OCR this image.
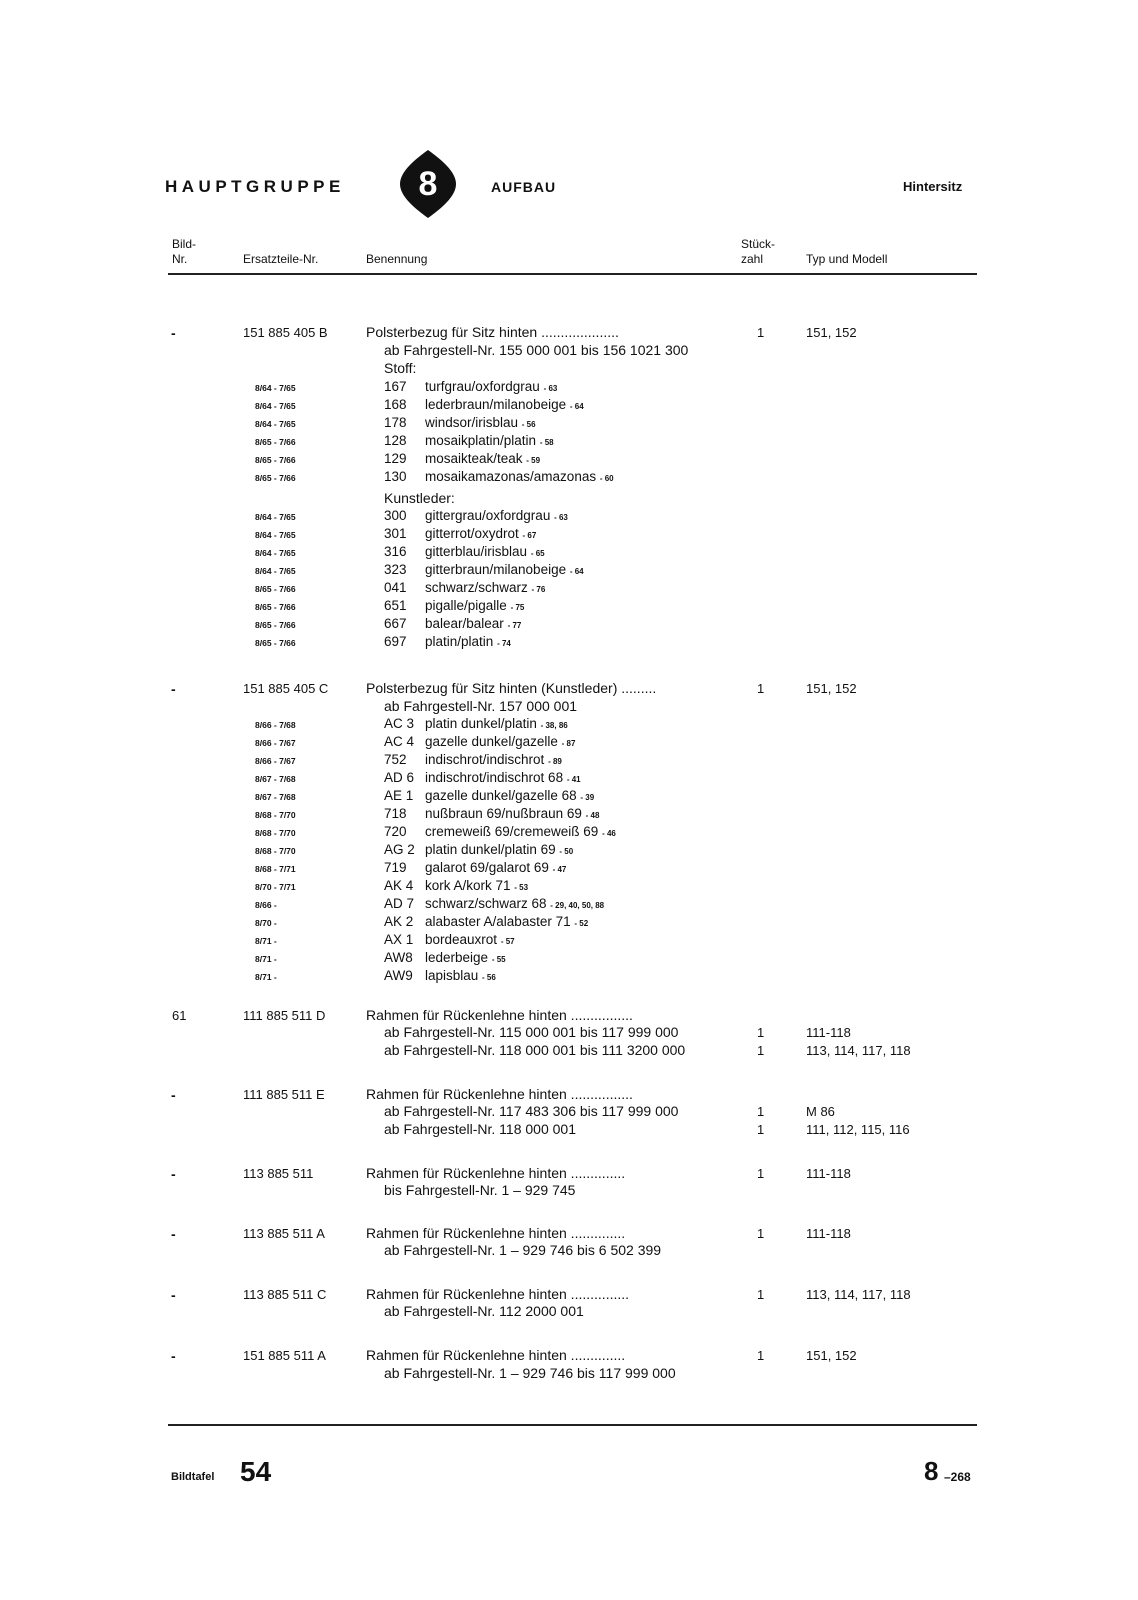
HAUPTGRUPPE 8	AUFBAU	Hintersitz
Bild-
Nr.	Ersatzteile-Nr.	Benennung
Stück-
zahl	Typ und Modell
-	151 885 405 B	Polsterbezug für Sitz hinten ....................	1	151, 152
ab Fahrgestell-Nr. 155 000 001 bis 156 1021 300
Stoff:
Kunstleder:
8/64 - 7/65	167 turfgrau/oxfordgrau - 63
8/64 - 7/65	168 lederbraun/milanobeige - 64
8/64 - 7/65	178 windsor/irisblau - 56
8/65 - 7/66	128 mosaikplatin/platin - 58
8/65 - 7/66	129 mosaikteak/teak - 59
8/65 - 7/66	130 mosaikamazonas/amazonas - 60
8/64 - 7/65	300 gittergrau/oxfordgrau - 63
8/64 - 7/65	301 gitterrot/oxydrot - 67
8/64 - 7/65	316 gitterblau/irisblau - 65
8/64 - 7/65	323 gitterbraun/milanobeige - 64
8/65 - 7/66	041 schwarz/schwarz - 76
8/65 - 7/66	651 pigalle/pigalle - 75
8/65 - 7/66	667 balear/balear - 77
8/65 - 7/66	697 platin/platin - 74
-	151 885 405 C	Polsterbezug für Sitz hinten (Kunstleder) .........	1	151, 152
ab Fahrgestell-Nr. 157 000 001
8/66 - 7/68	AC 3 platin dunkel/platin - 38, 86
8/66 - 7/67	AC 4 gazelle dunkel/gazelle - 87
8/66 - 7/67	752 indischrot/indischrot - 89
8/67 - 7/68	AD 6 indischrot/indischrot 68 - 41
8/67 - 7/68	AE 1 gazelle dunkel/gazelle 68 - 39
8/68 - 7/70	718 nußbraun 69/nußbraun 69 - 48
8/68 - 7/70	720 cremeweiß 69/cremeweiß 69 - 46
8/68 - 7/70	AG 2 platin dunkel/platin 69 - 50
8/68 - 7/71	719 galarot 69/galarot 69 - 47
8/70 - 7/71	AK 4 kork A/kork 71 - 53
8/66 -	AD 7 schwarz/schwarz 68 - 29, 40, 50, 88
8/70 -	AK 2 alabaster A/alabaster 71 - 52
8/71 -	AX 1 bordeauxrot - 57
8/71 -	AW8 lederbeige - 55
8/71 -	AW9 lapisblau - 56
61	111 885 511 D	Rahmen für Rückenlehne hinten ................
ab Fahrgestell-Nr. 115 000 001 bis 117 999 000	1	111-118
ab Fahrgestell-Nr. 118 000 001 bis 111 3200 000	1	113, 114, 117, 118
-	111 885 511 E	Rahmen für Rückenlehne hinten ................
ab Fahrgestell-Nr. 117 483 306 bis 117 999 000	1	M 86
ab Fahrgestell-Nr. 118 000 001	1	111, 112, 115, 116
-	113 885 511	Rahmen für Rückenlehne hinten ..............	1	111-118
bis Fahrgestell-Nr. 1 – 929 745
-	113 885 511 A	Rahmen für Rückenlehne hinten ..............	1	111-118
ab Fahrgestell-Nr. 1 – 929 746 bis 6 502 399
-	113 885 511 C	Rahmen für Rückenlehne hinten ...............	1	113, 114, 117, 118
ab Fahrgestell-Nr. 112 2000 001
-	151 885 511 A	Rahmen für Rückenlehne hinten ..............	1	151, 152
ab Fahrgestell-Nr. 1 – 929 746 bis 117 999 000
Bildtafel 54	8 –268
